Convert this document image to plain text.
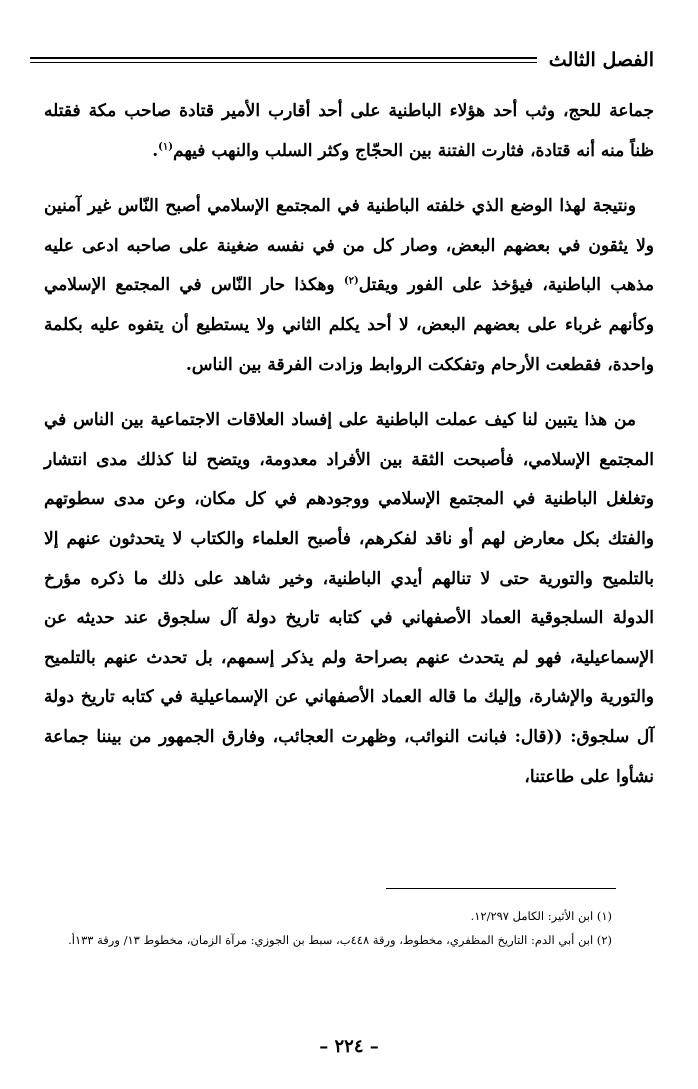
الفصل الثالث

جماعة للحج، وثب أحد هؤلاء الباطنية على أحد أقارب الأمير قتادة صاحب مكة فقتله ظناً منه أنه قتادة، فثارت الفتنة بين الحجّاج وكثر السلب والنهب فيهم$^{(١)}$.

ونتيجة لهذا الوضع الذي خلفته الباطنية في المجتمع الإسلامي أصبح النّاس غير آمنين ولا يثقون في بعضهم البعض، وصار كل من في نفسه ضغينة على صاحبه ادعى عليه مذهب الباطنية، فيؤخذ على الفور ويقتل$^{(٢)}$ وهكذا حار النّاس في المجتمع الإسلامي وكأنهم غرباء على بعضهم البعض، لا أحد يكلم الثاني ولا يستطيع أن يتفوه عليه بكلمة واحدة، فقطعت الأرحام وتفككت الروابط وزادت الفرقة بين الناس.

من هذا يتبين لنا كيف عملت الباطنية على إفساد العلاقات الاجتماعية بين الناس في المجتمع الإسلامي، فأصبحت الثقة بين الأفراد معدومة، ويتضح لنا كذلك مدى انتشار وتغلغل الباطنية في المجتمع الإسلامي ووجودهم في كل مكان، وعن مدى سطوتهم والفتك بكل معارض لهم أو ناقد لفكرهم، فأصبح العلماء والكتاب لا يتحدثون عنهم إلا بالتلميح والتورية حتى لا تنالهم أيدي الباطنية، وخير شاهد على ذلك ما ذكره مؤرخ الدولة السلجوقية العماد الأصفهاني في كتابه تاريخ دولة آل سلجوق عند حديثه عن الإسماعيلية، فهو لم يتحدث عنهم بصراحة ولم يذكر إسمهم، بل تحدث عنهم بالتلميح والتورية والإشارة، وإليك ما قاله العماد الأصفهاني عن الإسماعيلية في كتابه تاريخ دولة آل سلجوق: ((قال: فبانت النوائب، وظهرت العجائب، وفارق الجمهور من بيننا جماعة نشأوا على طاعتنا،

(١) ابن الأثير: الكامل ١٢/٢٩٧.

(٢) ابن أبي الدم: التاريخ المظفري، مخطوط، ورقة ٤٤٨ب، سبط بن الجوزي: مرآة الزمان، مخطوط ١٣/ ورقة ١٣٣أ.

– ٢٢٤ –
